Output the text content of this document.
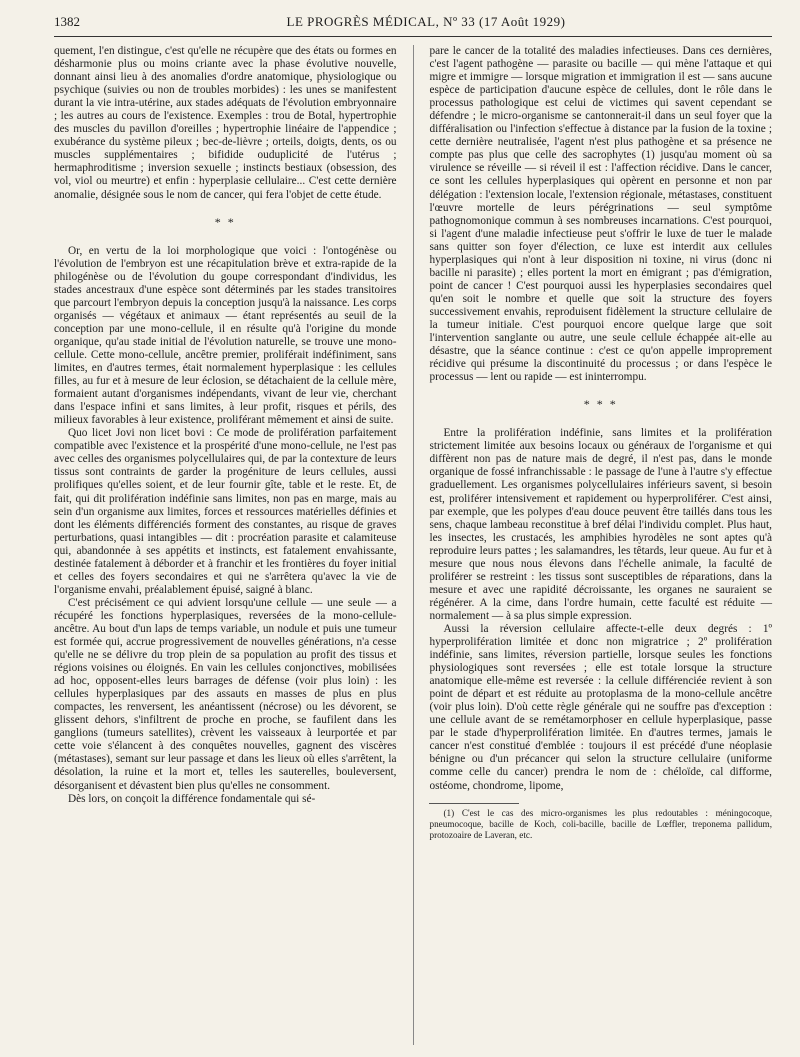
1382	LE PROGRÈS MÉDICAL, Nº 33 (17 Août 1929)

quement, l'en distingue, c'est qu'elle ne récupère que des états ou formes en désharmonie plus ou moins criante avec la phase évolutive nouvelle, donnant ainsi lieu à des anomalies d'ordre anatomique, physiologique ou psychique (suivies ou non de troubles morbides) : les unes se manifestent durant la vie intra-utérine, aux stades adéquats de l'évolution embryonnaire ; les autres au cours de l'existence. Exemples : trou de Botal, hypertrophie des muscles du pavillon d'oreilles ; hypertrophie linéaire de l'appendice ; exubérance du système pileux ; bec-de-lièvre ; orteils, doigts, dents, os ou muscles supplémentaires ; bifidide ouduplicité de l'utérus ; hermaphroditisme ; inversion sexuelle ; instincts bestiaux (obsession, des vol, viol ou meurtre) et enfin : hyperplasie cellulaire... C'est cette dernière anomalie, désignée sous le nom de cancer, qui fera l'objet de cette étude.

* *

Or, en vertu de la loi morphologique que voici : l'ontogénèse ou l'évolution de l'embryon est une récapitulation brève et extra-rapide de la philogénèse ou de l'évolution du goupe correspondant d'individus, les stades ancestraux d'une espèce sont déterminés par les stades transitoires que parcourt l'embryon depuis la conception jusqu'à la naissance. Les corps organisés — végétaux et animaux — étant représentés au seuil de la conception par une mono-cellule, il en résulte qu'à l'origine du monde organique, qu'au stade initial de l'évolution naturelle, se trouve une mono-cellule. Cette mono-cellule, ancêtre premier, proliférait indéfiniment, sans limites, en d'autres termes, était normalement hyperplasique : les cellules filles, au fur et à mesure de leur éclosion, se détachaient de la cellule mère, formaient autant d'organismes indépendants, vivant de leur vie, cherchant dans l'espace infini et sans limites, à leur profit, risques et périls, des milieux favorables à leur existence, proliférant mêmement et ainsi de suite.

Quo licet Jovi non licet bovi : Ce mode de prolifération parfaitement compatible avec l'existence et la prospérité d'une mono-cellule, ne l'est pas avec celles des organismes polycellulaires qui, de par la contexture de leurs tissus sont contraints de garder la progéniture de leurs cellules, aussi prolifiques qu'elles soient, et de leur fournir gîte, table et le reste. Et, de fait, qui dit prolifération indéfinie sans limites, non pas en marge, mais au sein d'un organisme aux limites, forces et ressources matérielles définies et dont les éléments différenciés forment des constantes, au risque de graves perturbations, quasi intangibles — dit : procréation parasite et calamiteuse qui, abandonnée à ses appétits et instincts, est fatalement envahissante, destinée fatalement à déborder et à franchir et les frontières du foyer initial et celles des foyers secondaires et qui ne s'arrêtera qu'avec la vie de l'organisme envahi, préalablement épuisé, saigné à blanc.

C'est précisément ce qui advient lorsqu'une cellule — une seule — a récupéré les fonctions hyperplasiques, reversées de la mono-cellule-ancêtre. Au bout d'un laps de temps variable, un nodule et puis une tumeur est formée qui, accrue progressivement de nouvelles générations, n'a cesse qu'elle ne se délivre du trop plein de sa population au profit des tissus et régions voisines ou éloignés. En vain les cellules conjonctives, mobilisées ad hoc, opposent-elles leurs barrages de défense (voir plus loin) : les cellules hyperplasiques par des assauts en masses de plus en plus compactes, les renversent, les anéantissent (nécrose) ou les dévorent, se glissent dehors, s'infiltrent de proche en proche, se faufilent dans les ganglions (tumeurs satellites), crèvent les vaisseaux à leurportée et par cette voie s'élancent à des conquêtes nouvelles, gagnent des viscères (métastases), semant sur leur passage et dans les lieux où elles s'arrêtent, la désolation, la ruine et la mort et, telles les sauterelles, bouleversent, désorganisent et dévastent bien plus qu'elles ne consomment.

Dès lors, on conçoit la différence fondamentale qui sé-

pare le cancer de la totalité des maladies infectieuses. Dans ces dernières, c'est l'agent pathogène — parasite ou bacille — qui mène l'attaque et qui migre et immigre — lorsque migration et immigration il est — sans aucune espèce de participation d'aucune espèce de cellules, dont le rôle dans le processus pathologique est celui de victimes qui savent cependant se défendre ; le micro-organisme se cantonnerait-il dans un seul foyer que la différalisation ou l'infection s'effectue à distance par la fusion de la toxine ; cette dernière neutralisée, l'agent n'est plus pathogène et sa présence ne compte pas plus que celle des sacrophytes (1) jusqu'au moment où sa virulence se réveille — si réveil il est : l'affection récidive. Dans le cancer, ce sont les cellules hyperplasiques qui opèrent en personne et non par délégation : l'extension locale, l'extension régionale, métastases, constituent l'œuvre mortelle de leurs pérégrinations — seul symptôme pathognomonique commun à ses nombreuses incarnations. C'est pourquoi, si l'agent d'une maladie infectieuse peut s'offrir le luxe de tuer le malade sans quitter son foyer d'élection, ce luxe est interdit aux cellules hyperplasiques qui n'ont à leur disposition ni toxine, ni virus (donc ni bacille ni parasite) ; elles portent la mort en émigrant ; pas d'émigration, point de cancer ! C'est pourquoi aussi les hyperplasies secondaires quel qu'en soit le nombre et quelle que soit la structure des foyers successivement envahis, reproduisent fidèlement la structure cellulaire de la tumeur initiale. C'est pourquoi encore quelque large que soit l'intervention sanglante ou autre, une seule cellule échappée ait-elle au désastre, que la séance continue : c'est ce qu'on appelle improprement récidive qui présume la discontinuité du processus ; or dans l'espèce le processus — lent ou rapide — est ininterrompu.

* * *

Entre la prolifération indéfinie, sans limites et la prolifération strictement limitée aux besoins locaux ou généraux de l'organisme et qui diffèrent non pas de nature mais de degré, il n'est pas, dans le monde organique de fossé infranchissable : le passage de l'une à l'autre s'y effectue graduellement. Les organismes polycellulaires inférieurs savent, si besoin est, proliférer intensivement et rapidement ou hyperproliférer. C'est ainsi, par exemple, que les polypes d'eau douce peuvent être taillés dans tous les sens, chaque lambeau reconstitue à bref délai l'individu complet. Plus haut, les insectes, les crustacés, les amphibies hyrodèles ne sont aptes qu'à reproduire leurs pattes ; les salamandres, les têtards, leur queue. Au fur et à mesure que nous nous élevons dans l'échelle animale, la faculté de proliférer se restreint : les tissus sont susceptibles de réparations, dans la mesure et avec une rapidité décroissante, les organes ne sauraient se régénérer. A la cime, dans l'ordre humain, cette faculté est réduite — normalement — à sa plus simple expression.

Aussi la réversion cellulaire affecte-t-elle deux degrés : 1º hyperprolifération limitée et donc non migratrice ; 2º prolifération indéfinie, sans limites, réversion partielle, lorsque seules les fonctions physiologiques sont reversées ; elle est totale lorsque la structure anatomique elle-même est reversée : la cellule différenciée revient à son point de départ et est réduite au protoplasma de la mono-cellule ancêtre (voir plus loin). D'où cette règle générale qui ne souffre pas d'exception : une cellule avant de se remétamorphoser en cellule hyperplasique, passe par le stade d'hyperprolifération limitée. En d'autres termes, jamais le cancer n'est constitué d'emblée : toujours il est précédé d'une néoplasie bénigne ou d'un précancer qui selon la structure cellulaire (uniforme comme celle du cancer) prendra le nom de : chéloïde, cal difforme, ostéome, chondrome, lipome,

(1) C'est le cas des micro-organismes les plus redoutables : méningocoque, pneumocoque, bacille de Koch, coli-bacille, bacille de Lœffler, treponema pallidum, protozoaire de Laveran, etc.
